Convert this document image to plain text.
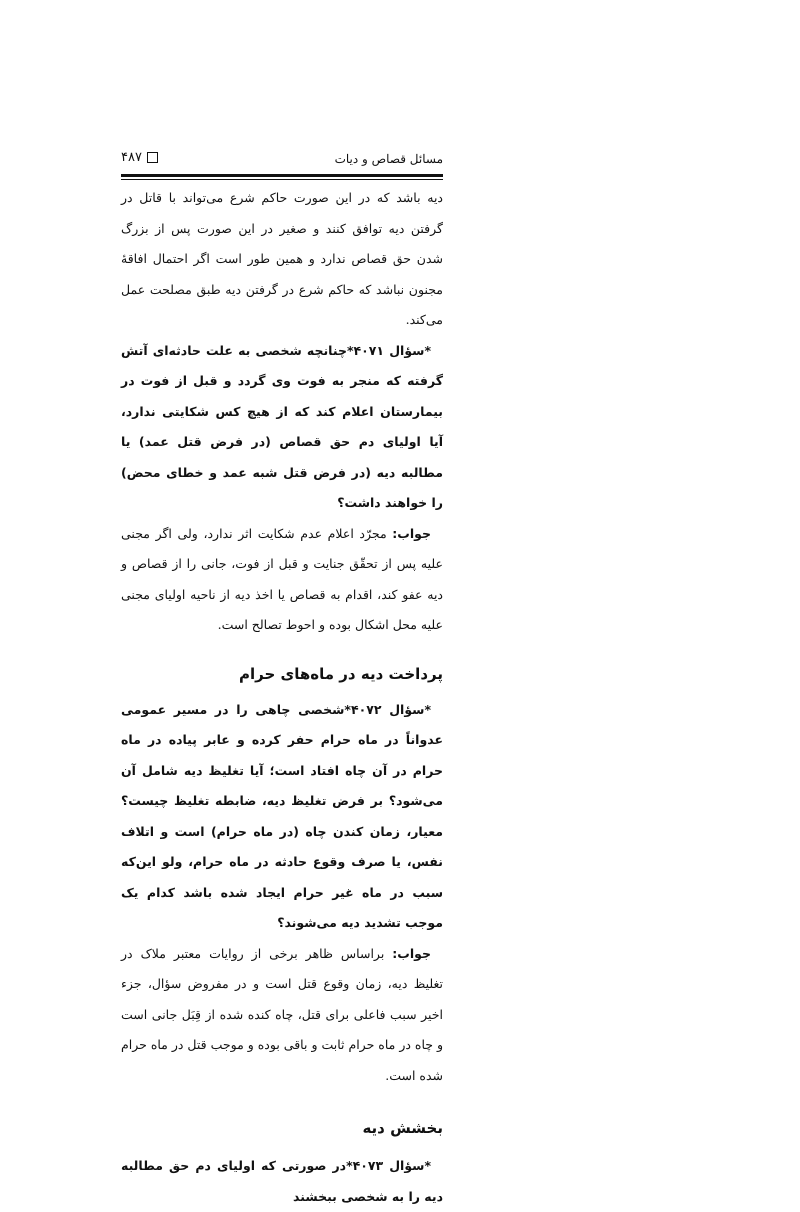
مسائل قصاص و دیات
۴۸۷

دیه باشد که در این صورت حاکم شرع می‌تواند با قاتل در گرفتن دیه توافق کنند و صغیر در این صورت پس از بزرگ شدن حق قصاص ندارد و همین طور است اگر احتمال افاقهٔ مجنون نباشد که حاکم شرع در گرفتن دیه طبق مصلحت عمل می‌کند.

*سؤال ۴۰۷۱*چنانچه شخصی به علت حادثه‌ای آتش گرفته که منجر به فوت وی گردد و قبل از فوت در بیمارستان اعلام کند که از هیچ کس شکایتی ندارد، آیا اولیای دم حق قصاص (در فرض قتل عمد) یا مطالبه دیه (در فرض قتل شبه عمد و خطای محض) را خواهند داشت؟

جواب: مجرّد اعلام عدم شکایت اثر ندارد، ولی اگر مجنی علیه پس از تحقّق جنایت و قبل از فوت، جانی را از قصاص و دیه عفو کند، اقدام به قصاص یا اخذ دیه از ناحیه اولیای مجنی علیه محل اشکال بوده و احوط تصالح است.

پرداخت دیه در ماه‌های حرام

*سؤال ۴۰۷۲*شخصی چاهی را در مسیر عمومی عدواناً در ماه حرام حفر کرده و عابر پیاده در ماه حرام در آن چاه افتاد است؛ آیا تغلیظ دیه شامل آن می‌شود؟ بر فرض تغلیظ دیه، ضابطه تغلیظ چیست؟ معیار، زمان کندن چاه (در ماه حرام) است و اتلاف نفس، یا صرف وقوع حادثه در ماه حرام، ولو این‌که سبب در ماه غیر حرام ایجاد شده باشد کدام یک موجب تشدید دیه می‌شوند؟

جواب: براساس ظاهر برخی از روایات معتبر ملاک در تغلیظ دیه، زمان وقوع قتل است و در مفروض سؤال، جزء اخیر سبب فاعلی برای قتل، چاه کنده شده از قِبَل جانی است و چاه در ماه حرام ثابت و باقی بوده و موجب قتل در ماه حرام شده است.

بخشش دیه

*سؤال ۴۰۷۳*در صورتی که اولیای دم حق مطالبه دیه را به شخصی ببخشند
